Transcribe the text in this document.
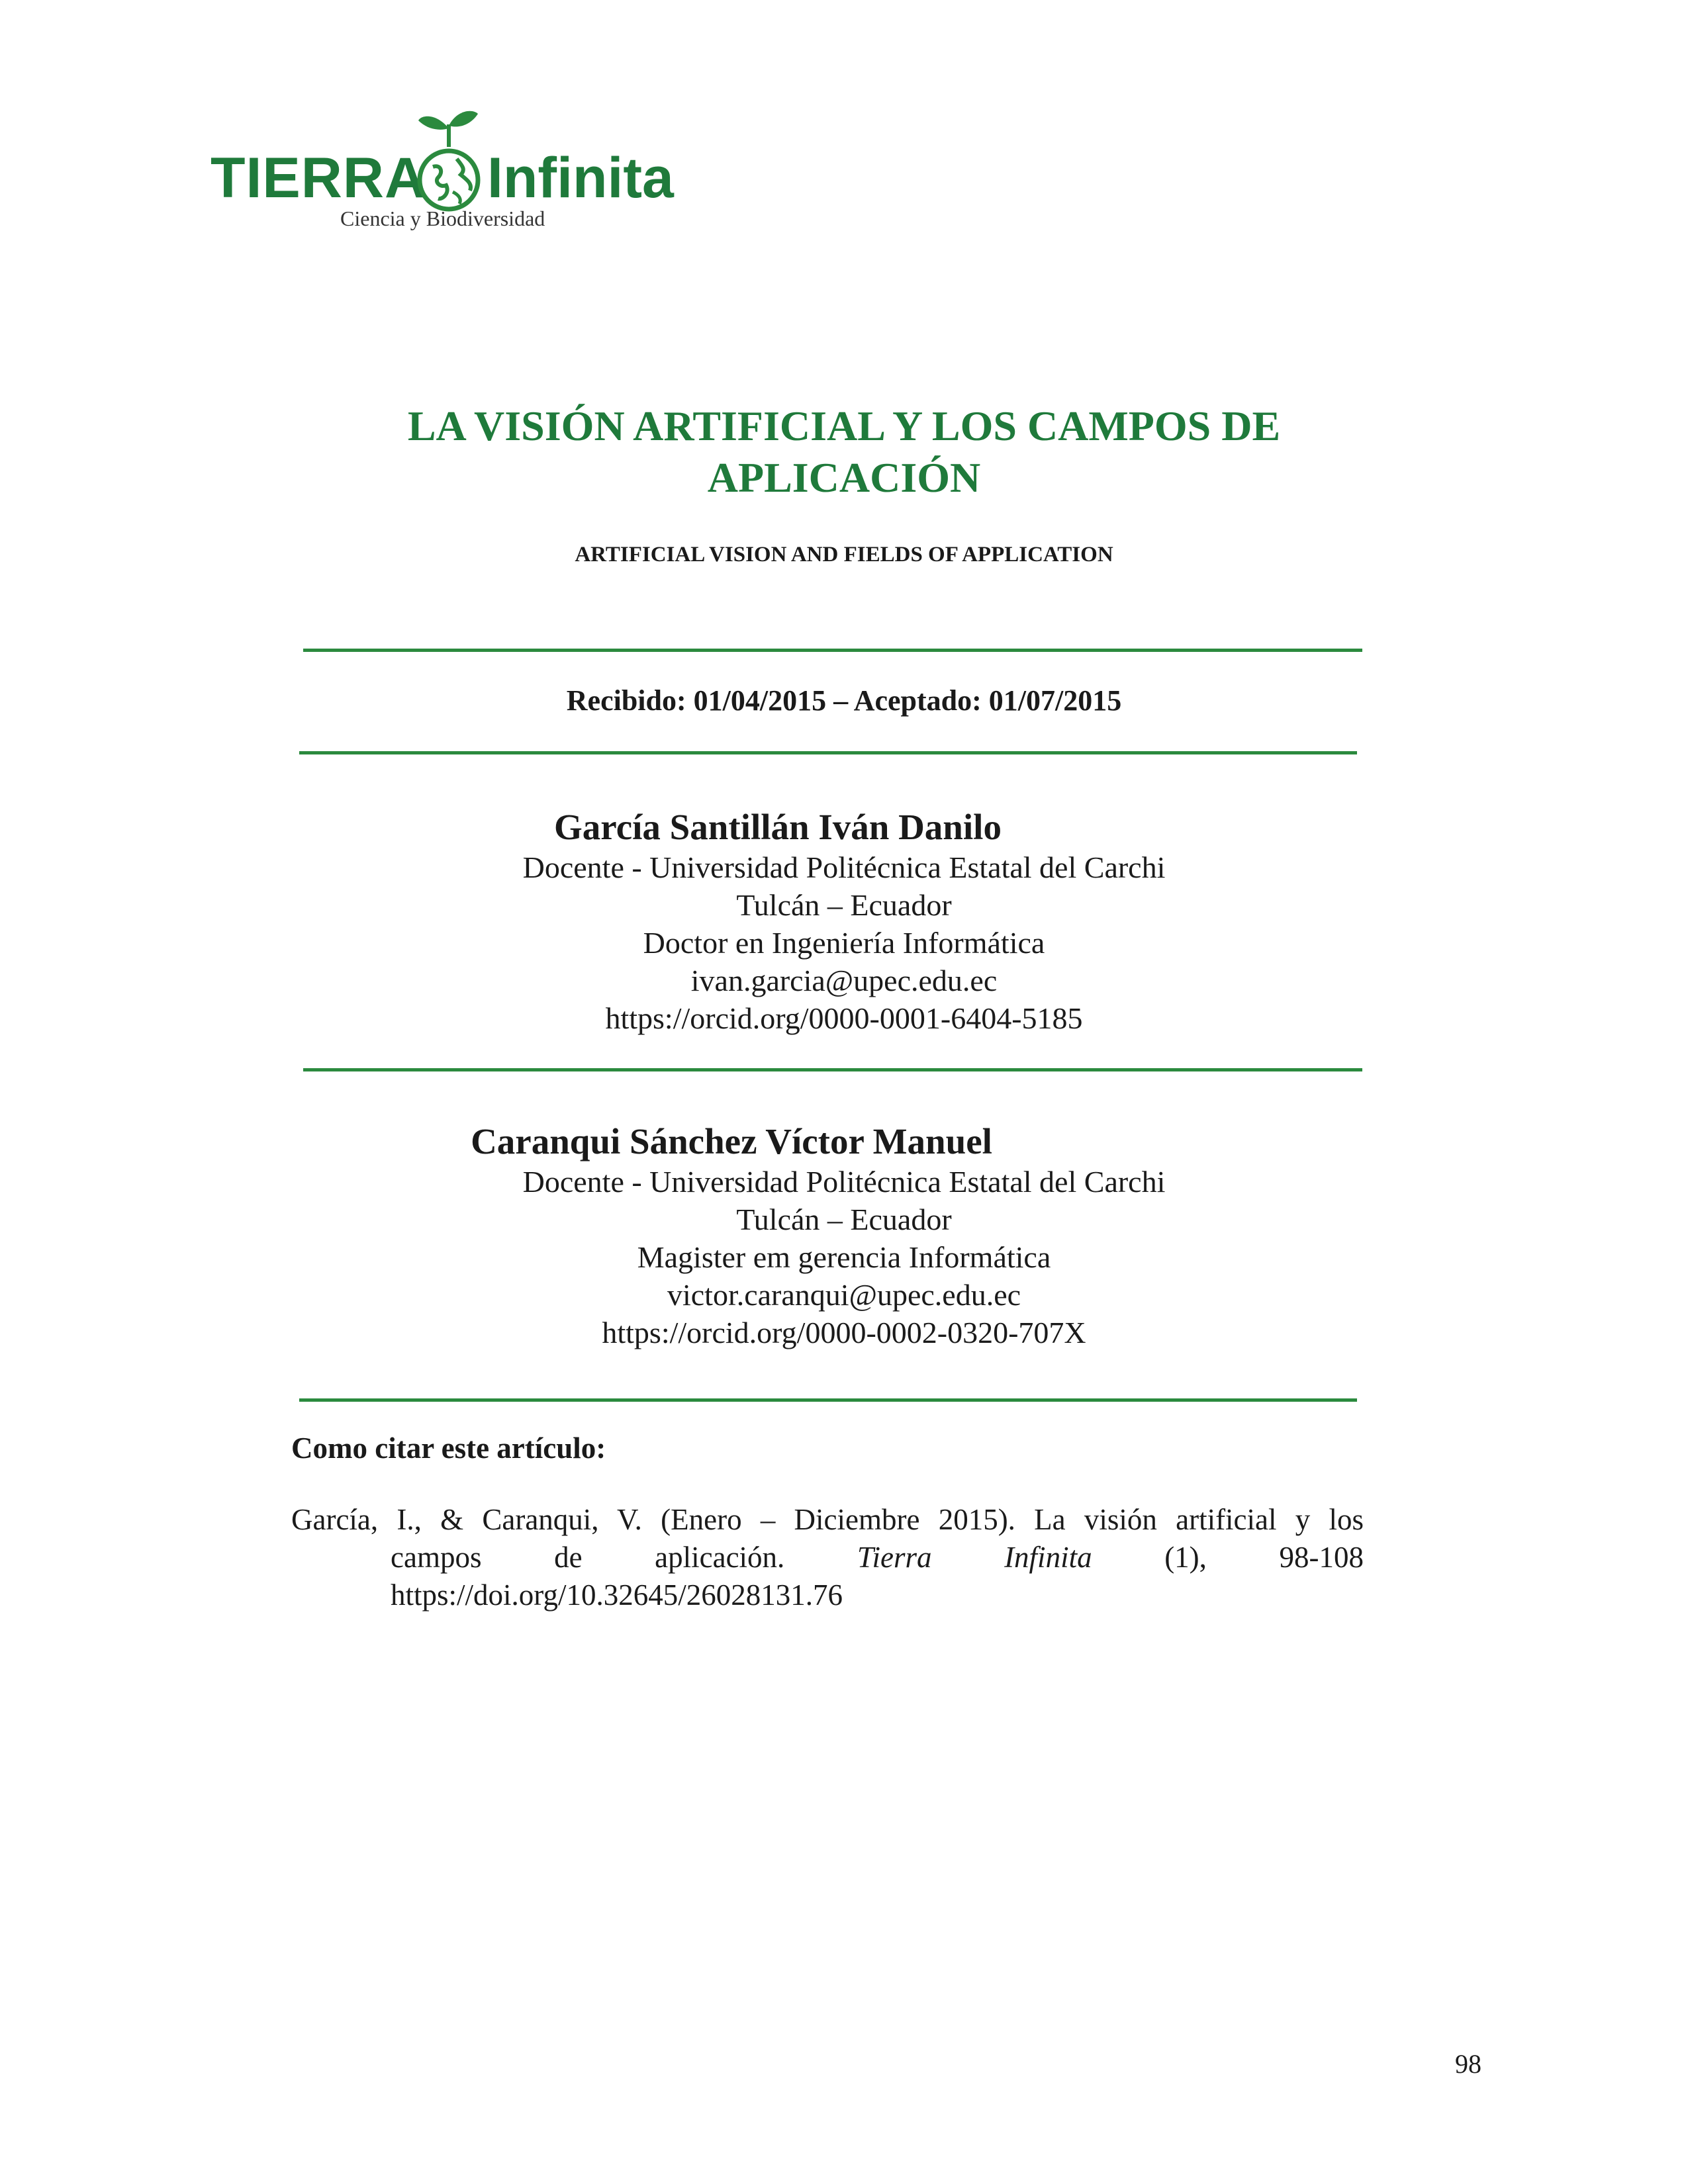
TIERRA Infinita
Ciencia y Biodiversidad
LA VISIÓN ARTIFICIAL Y LOS CAMPOS DE
APLICACIÓN
ARTIFICIAL VISION AND FIELDS OF APPLICATION
Recibido: 01/04/2015 – Aceptado: 01/07/2015
García Santillán Iván Danilo
Docente - Universidad Politécnica Estatal del Carchi
Tulcán – Ecuador
Doctor en Ingeniería Informática
ivan.garcia@upec.edu.ec
https://orcid.org/0000-0001-6404-5185
Caranqui Sánchez Víctor Manuel
Docente - Universidad Politécnica Estatal del Carchi
Tulcán – Ecuador
Magister em gerencia Informática
victor.caranqui@upec.edu.ec
https://orcid.org/0000-0002-0320-707X
Como citar este artículo:
García, I., & Caranqui, V. (Enero – Diciembre 2015). La visión artificial y los
campos de aplicación. Tierra Infinita (1), 98-108
https://doi.org/10.32645/26028131.76
98
